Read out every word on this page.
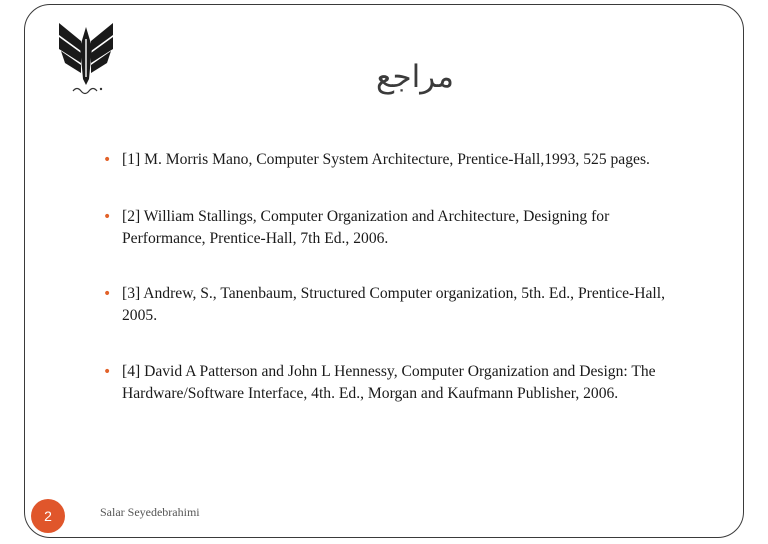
مراجع
• [1] M. Morris Mano, Computer System Architecture, Prentice-Hall,1993, 525 pages.
• [2] William Stallings, Computer Organization and Architecture, Designing for
Performance, Prentice-Hall, 7th Ed., 2006.
• [3] Andrew, S., Tanenbaum, Structured Computer organization, 5th. Ed., Prentice-Hall,
2005.
• [4] David A Patterson and John L Hennessy, Computer Organization and Design: The
Hardware/Software Interface, 4th. Ed., Morgan and Kaufmann Publisher, 2006.
2	Salar Seyedebrahimi
